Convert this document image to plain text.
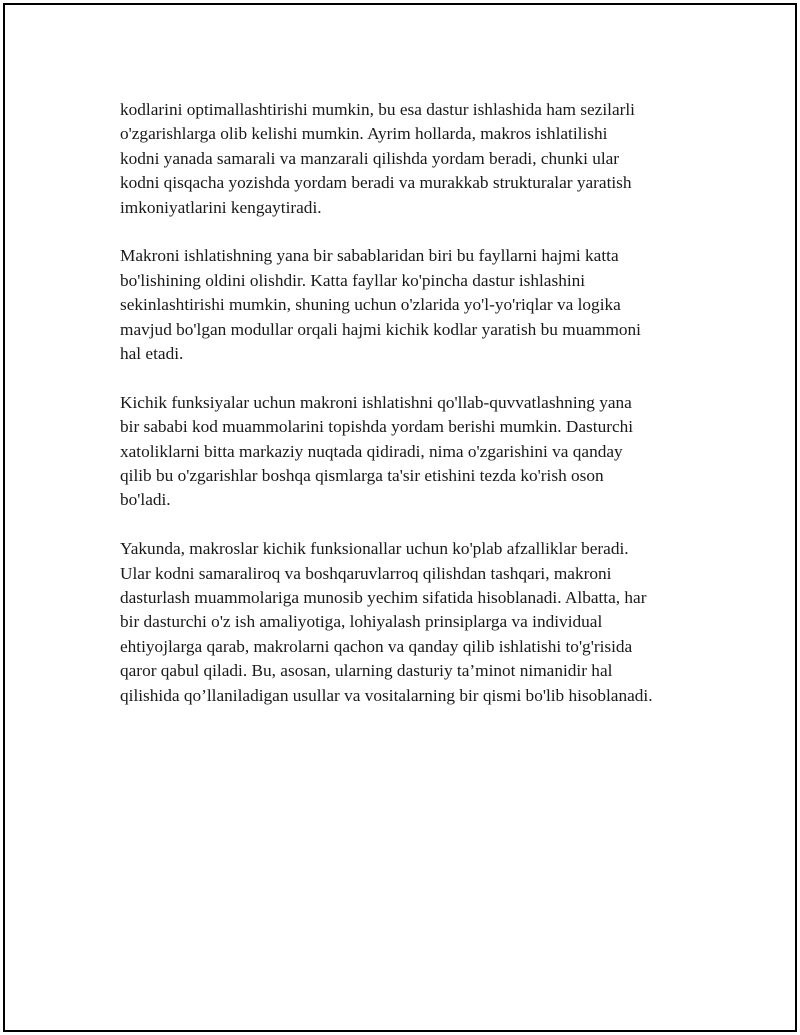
kodlarini optimallashtirishi mumkin, bu esa dastur ishlashida ham sezilarli
o'zgarishlarga olib kelishi mumkin. Ayrim hollarda, makros ishlatilishi
kodni yanada samarali va manzarali qilishda yordam beradi, chunki ular
kodni qisqacha yozishda yordam beradi va murakkab strukturalar yaratish
imkoniyatlarini kengaytiradi.

Makroni ishlatishning yana bir sabablaridan biri bu fayllarni hajmi katta
bo'lishining oldini olishdir. Katta fayllar ko'pincha dastur ishlashini
sekinlashtirishi mumkin, shuning uchun o'zlarida yo'l-yo'riqlar va logika
mavjud bo'lgan modullar orqali hajmi kichik kodlar yaratish bu muammoni
hal etadi.

Kichik funksiyalar uchun makroni ishlatishni qo'llab-quvvatlashning yana
bir sababi kod muammolarini topishda yordam berishi mumkin. Dasturchi
xatoliklarni bitta markaziy nuqtada qidiradi, nima o'zgarishini va qanday
qilib bu o'zgarishlar boshqa qismlarga ta'sir etishini tezda ko'rish oson
bo'ladi.

Yakunda, makroslar kichik funksionallar uchun ko'plab afzalliklar beradi.
Ular kodni samaraliroq va boshqaruvlarroq qilishdan tashqari, makroni
dasturlash muammolariga munosib yechim sifatida hisoblanadi. Albatta, har
bir dasturchi o'z ish amaliyotiga, lohiyalash prinsiplarga va individual
ehtiyojlarga qarab, makrolarni qachon va qanday qilib ishlatishi to'g'risida
qaror qabul qiladi. Bu, asosan, ularning dasturiy ta’minot nimanidir hal
qilishida qo’llaniladigan usullar va vositalarning bir qismi bo'lib hisoblanadi.
